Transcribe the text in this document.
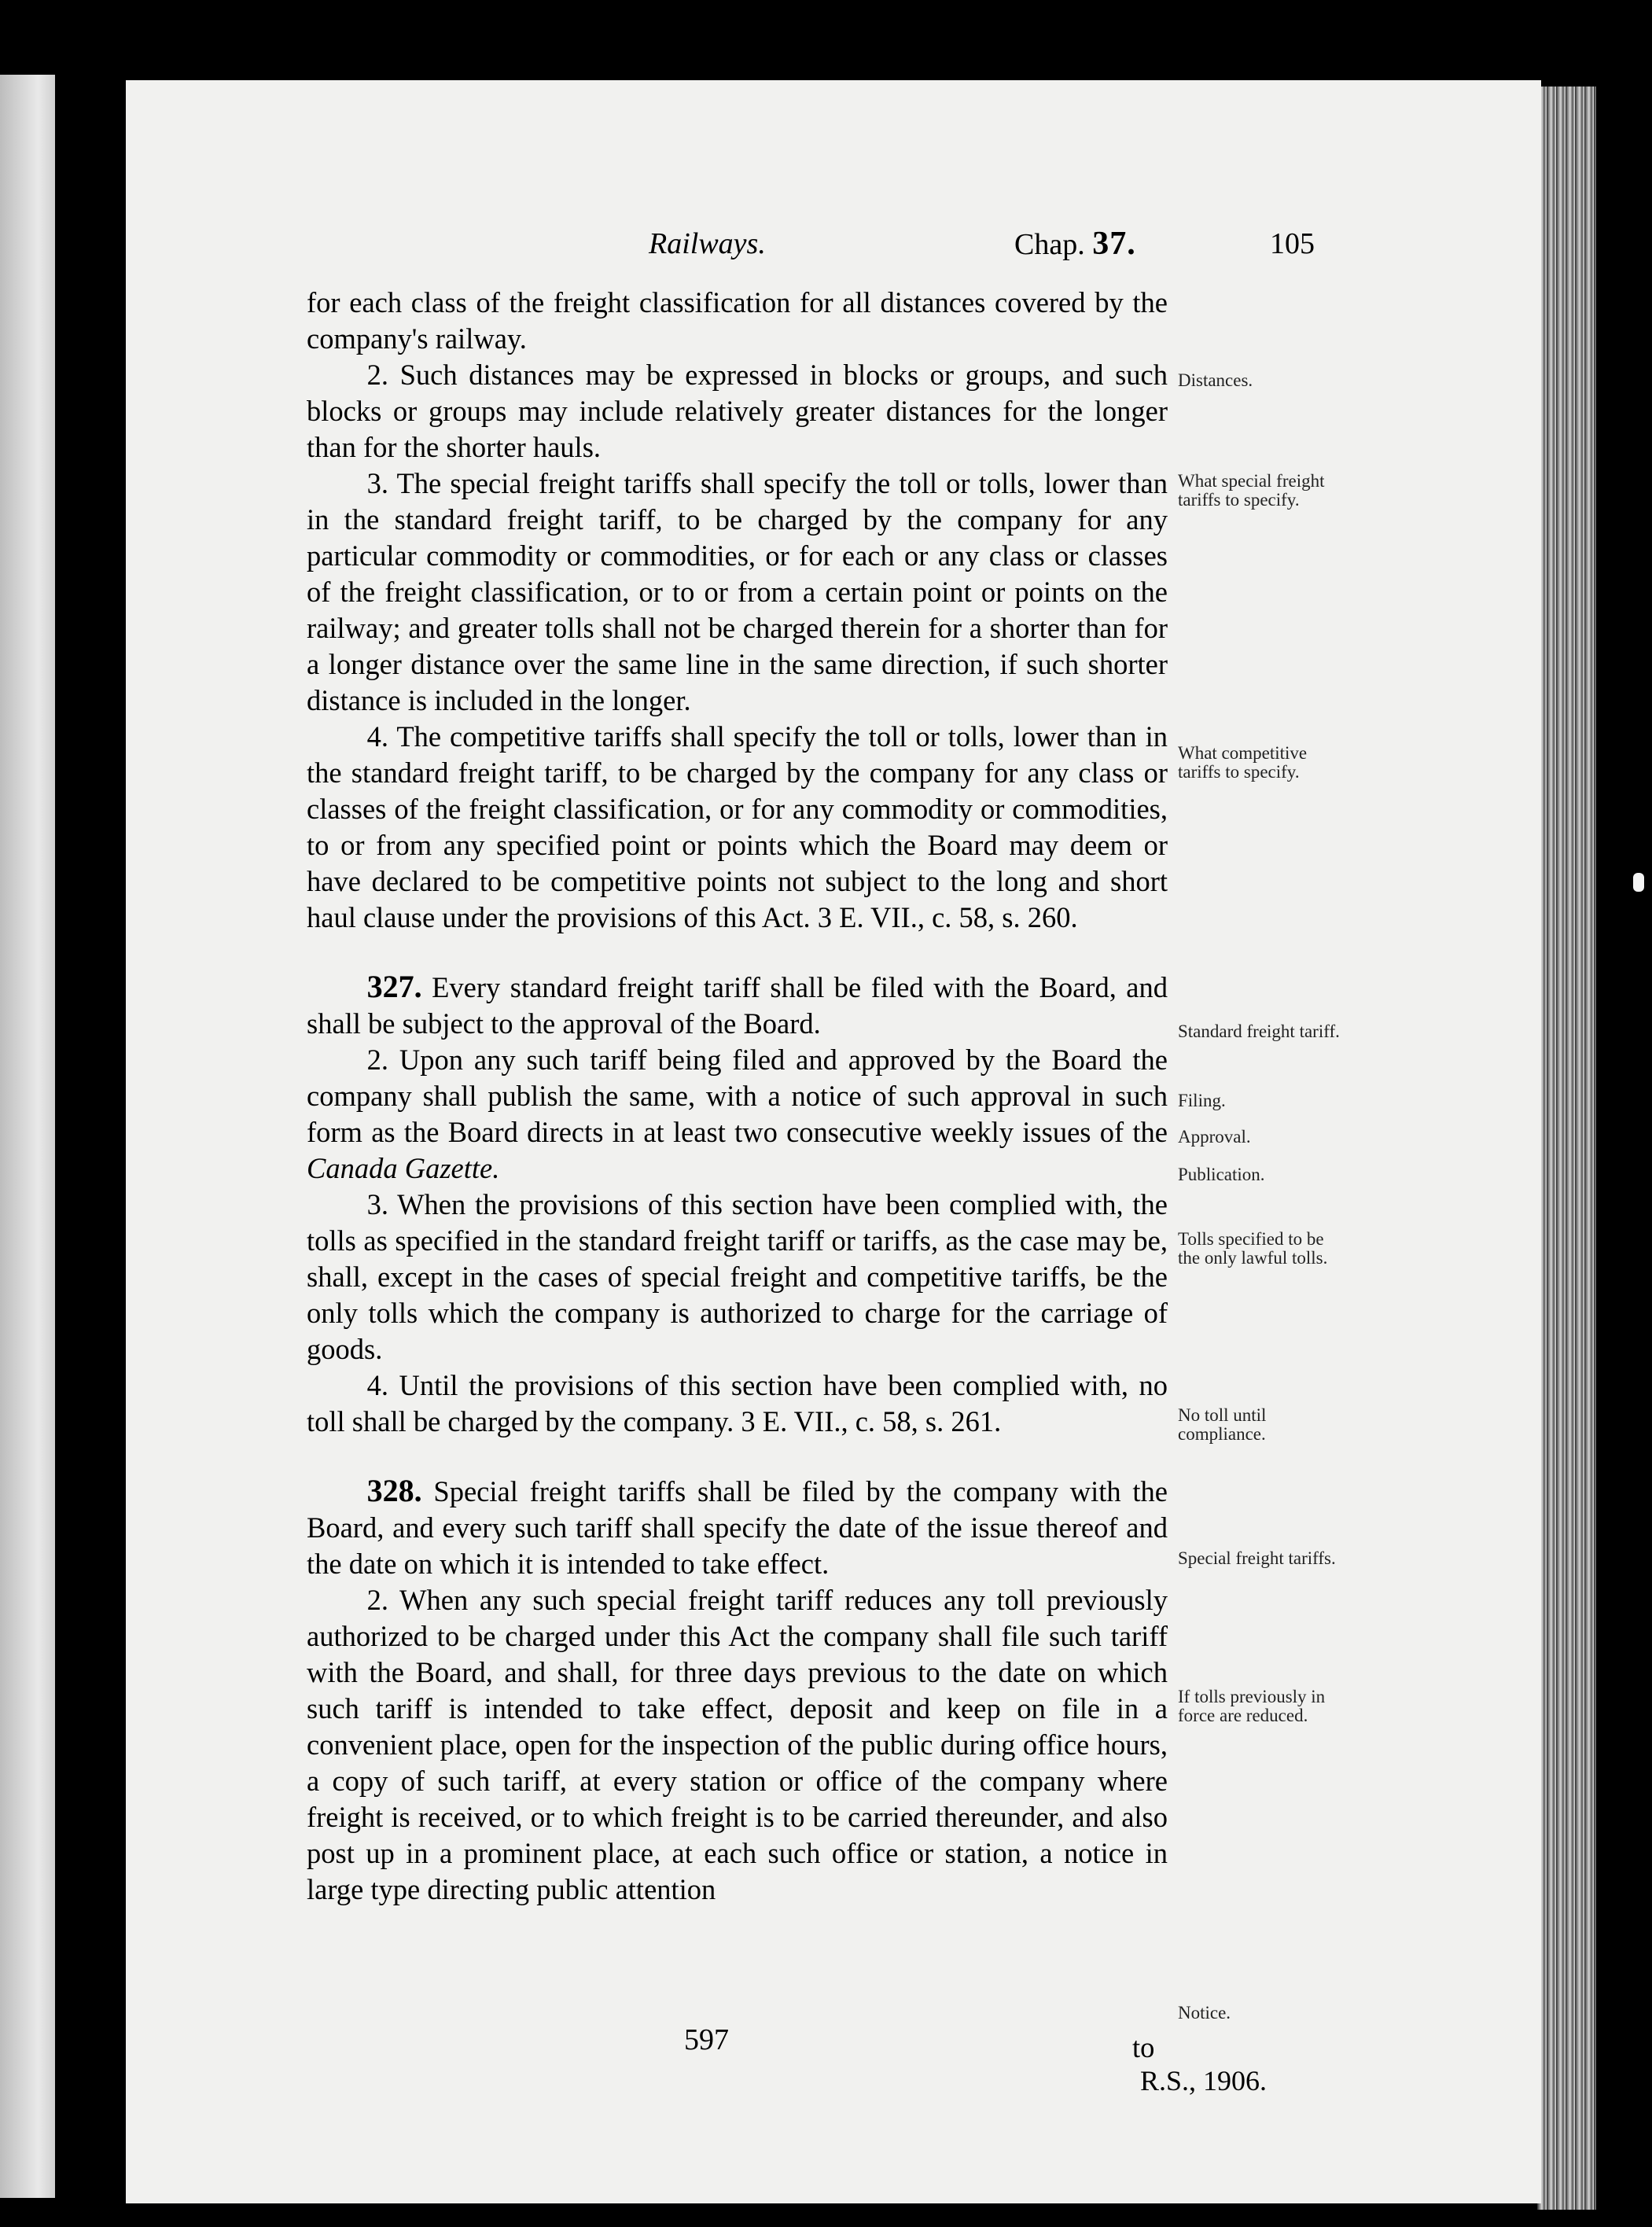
Railways.	Chap. 37.	105

for each class of the freight classification for all distances covered by the company's railway.

2. Such distances may be expressed in blocks or groups, and such blocks or groups may include relatively greater distances for the longer than for the shorter hauls.

3. The special freight tariffs shall specify the toll or tolls, lower than in the standard freight tariff, to be charged by the company for any particular commodity or commodities, or for each or any class or classes of the freight classification, or to or from a certain point or points on the railway; and greater tolls shall not be charged therein for a shorter than for a longer distance over the same line in the same direction, if such shorter distance is included in the longer.

4. The competitive tariffs shall specify the toll or tolls, lower than in the standard freight tariff, to be charged by the company for any class or classes of the freight classification, or for any commodity or commodities, to or from any specified point or points which the Board may deem or have declared to be competitive points not subject to the long and short haul clause under the provisions of this Act. 3 E. VII., c. 58, s. 260.

327. Every standard freight tariff shall be filed with the Board, and shall be subject to the approval of the Board.

2. Upon any such tariff being filed and approved by the Board the company shall publish the same, with a notice of such approval in such form as the Board directs in at least two consecutive weekly issues of the Canada Gazette.

3. When the provisions of this section have been complied with, the tolls as specified in the standard freight tariff or tariffs, as the case may be, shall, except in the cases of special freight and competitive tariffs, be the only tolls which the company is authorized to charge for the carriage of goods.

4. Until the provisions of this section have been complied with, no toll shall be charged by the company. 3 E. VII., c. 58, s. 261.

328. Special freight tariffs shall be filed by the company with the Board, and every such tariff shall specify the date of the issue thereof and the date on which it is intended to take effect.

2. When any such special freight tariff reduces any toll previously authorized to be charged under this Act the company shall file such tariff with the Board, and shall, for three days previous to the date on which such tariff is intended to take effect, deposit and keep on file in a convenient place, open for the inspection of the public during office hours, a copy of such tariff, at every station or office of the company where freight is received, or to which freight is to be carried thereunder, and also post up in a prominent place, at each such office or station, a notice in large type directing public attention

Distances.
What special freight tariffs to specify.
What competitive tariffs to specify.
Standard freight tariff.
Filing.
Approval.
Publication.
Tolls specified to be the only lawful tolls.
No toll until compliance.
Special freight tariffs.
If tolls previously in force are reduced.
Notice.
597	to
R.S., 1906.
